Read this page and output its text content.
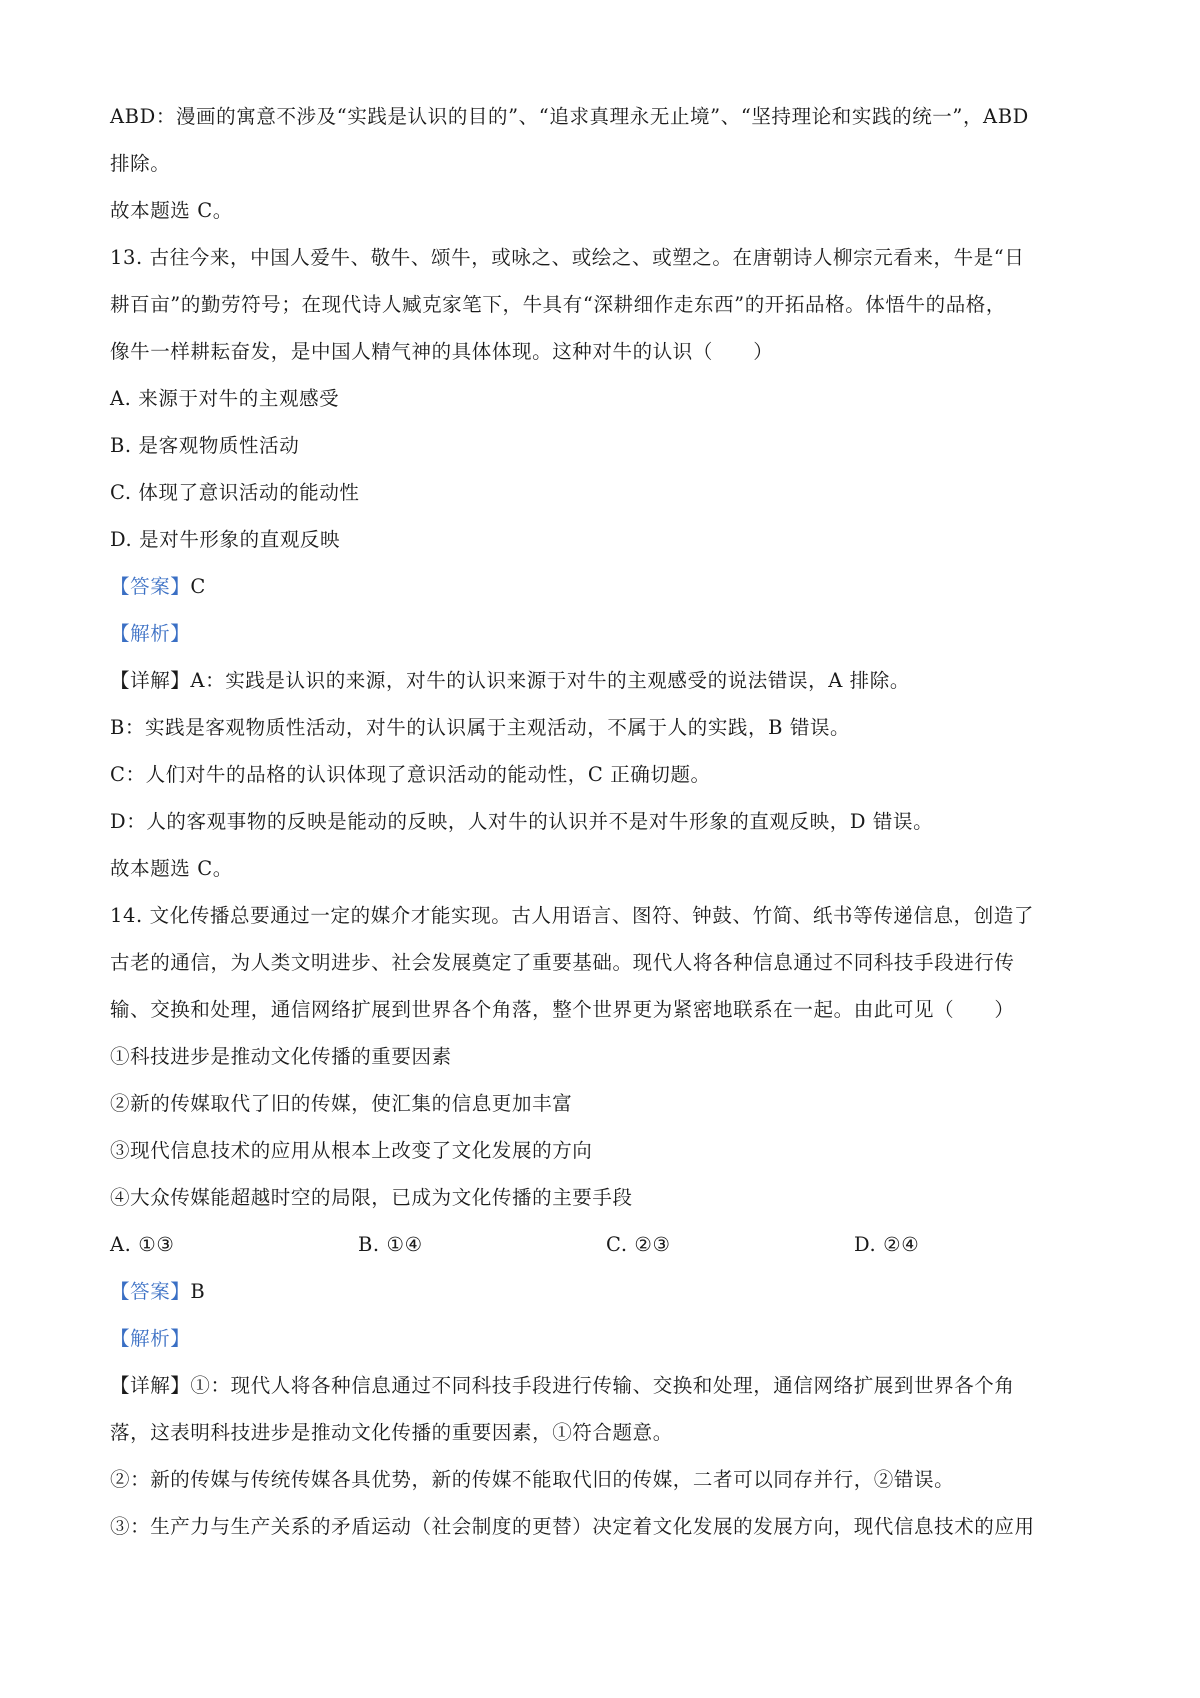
ABD：漫画的寓意不涉及“实践是认识的目的”、“追求真理永无止境”、“坚持理论和实践的统一”，ABD
排除。
故本题选 C。
13. 古往今来，中国人爱牛、敬牛、颂牛，或咏之、或绘之、或塑之。在唐朝诗人柳宗元看来，牛是“日
耕百亩”的勤劳符号；在现代诗人臧克家笔下，牛具有“深耕细作走东西”的开拓品格。体悟牛的品格，
像牛一样耕耘奋发，是中国人精气神的具体体现。这种对牛的认识（　　）
A. 来源于对牛的主观感受
B. 是客观物质性活动
C. 体现了意识活动的能动性
D. 是对牛形象的直观反映
【答案】C
【解析】
【详解】A：实践是认识的来源，对牛的认识来源于对牛的主观感受的说法错误，A 排除。
B：实践是客观物质性活动，对牛的认识属于主观活动，不属于人的实践，B 错误。
C：人们对牛的品格的认识体现了意识活动的能动性，C 正确切题。
D：人的客观事物的反映是能动的反映，人对牛的认识并不是对牛形象的直观反映，D 错误。
故本题选 C。
14. 文化传播总要通过一定的媒介才能实现。古人用语言、图符、钟鼓、竹简、纸书等传递信息，创造了
古老的通信，为人类文明进步、社会发展奠定了重要基础。现代人将各种信息通过不同科技手段进行传
输、交换和处理，通信网络扩展到世界各个角落，整个世界更为紧密地联系在一起。由此可见（　　）
①科技进步是推动文化传播的重要因素
②新的传媒取代了旧的传媒，使汇集的信息更加丰富
③现代信息技术的应用从根本上改变了文化发展的方向
④大众传媒能超越时空的局限，已成为文化传播的主要手段
A. ①③	B. ①④	C. ②③	D. ②④
【答案】B
【解析】
【详解】①：现代人将各种信息通过不同科技手段进行传输、交换和处理，通信网络扩展到世界各个角
落，这表明科技进步是推动文化传播的重要因素，①符合题意。
②：新的传媒与传统传媒各具优势，新的传媒不能取代旧的传媒，二者可以同存并行，②错误。
③：生产力与生产关系的矛盾运动（社会制度的更替）决定着文化发展的发展方向，现代信息技术的应用
